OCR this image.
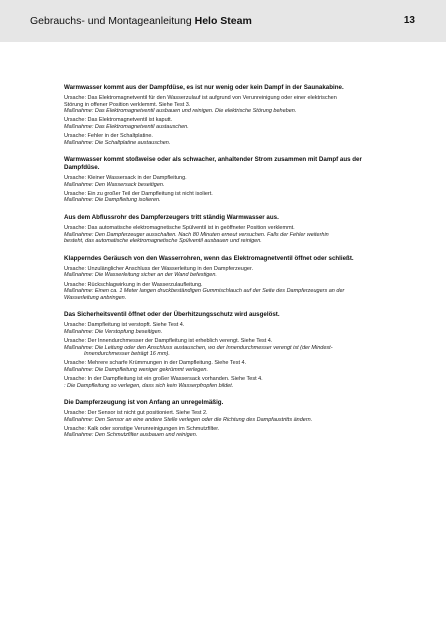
Gebrauchs- und Montageanleitung Helo Steam	13
Warmwasser kommt aus der Dampfdüse, es ist nur wenig oder kein Dampf in der Saunakabine.
Ursache: Das Elektromagnetventil für den Wasserzulauf ist aufgrund von Verunreinigung oder einer elektrischen
Störung in offener Position verklemmt. Siehe Test 3.
Maßnahme: Das Elektromagnetventil ausbauen und reinigen. Die elektrische Störung beheben.
Ursache: Das Elektromagnetventil ist kaputt.
Maßnahme: Das Elektromagnetventil austauschen.
Ursache: Fehler in der Schaltplatine.
Maßnahme: Die Schaltplatine austauschen.
Warmwasser kommt stoßweise oder als schwacher, anhaltender Strom zusammen mit Dampf aus der
Dampfdüse.
Ursache: Kleiner Wassersack in der Dampfleitung.
Maßnahme: Den Wassersack beseitigen.
Ursache: Ein zu großer Teil der Dampfleitung ist nicht isoliert.
Maßnahme: Die Dampfleitung isolieren.
Aus dem Abflussrohr des Dampferzeugers tritt ständig Warmwasser aus.
Ursache: Das automatische elektromagnetische Spülventil ist in geöffneter Position verklemmt.
Maßnahme: Den Dampferzeuger ausschalten. Nach 80 Minuten erneut versuchen. Falls der Fehler weiterhin
besteht, das automatische elektromagnetische Spülventil ausbauen und reinigen.
Klapperndes Geräusch von den Wasserrohren, wenn das Elektromagnetventil öffnet oder schließt.
Ursache: Unzulänglicher Anschluss der Wasserleitung in den Dampferzeuger.
Maßnahme: Die Wasserleitung sicher an der Wand befestigen.
Ursache: Rückschlagwirkung in der Wasserzulaufleitung.
Maßnahme: Einen ca. 1 Meter langen druckbeständigen Gummischlauch auf der Seite des Dampferzeugers an der
Wasserleitung anbringen.
Das Sicherheitsventil öffnet oder der Überhitzungsschutz wird ausgelöst.
Ursache: Dampfleitung ist verstopft. Siehe Test 4.
Maßnahme: Die Verstopfung beseitigen.
Ursache: Der Innendurchmesser der Dampfleitung ist erheblich verengt. Siehe Test 4.
Maßnahme: Die Leitung oder den Anschluss austauschen, wo der Innendurchmesser verengt ist (der Mindest-
Innendurchmesser beträgt 16 mm).
Ursache: Mehrere scharfe Krümmungen in der Dampfleitung. Siehe Test 4.
Maßnahme: Die Dampfleitung weniger gekrümmt verlegen.
Ursache: In der Dampfleitung ist ein großer Wassersack vorhanden. Siehe Test 4.
: Die Dampfleitung so verlegen, dass sich kein Wasserpfropfen bildet.
Die Dampferzeugung ist von Anfang an unregelmäßig.
Ursache: Der Sensor ist nicht gut positioniert. Siehe Test 2.
Maßnahme: Den Sensor an eine andere Stelle verlegen oder die Richtung des Dampfaustritts ändern.
Ursache: Kalk oder sonstige Verunreinigungen im Schmutzfilter.
Maßnahme: Den Schmutzfilter ausbauen und reinigen.
